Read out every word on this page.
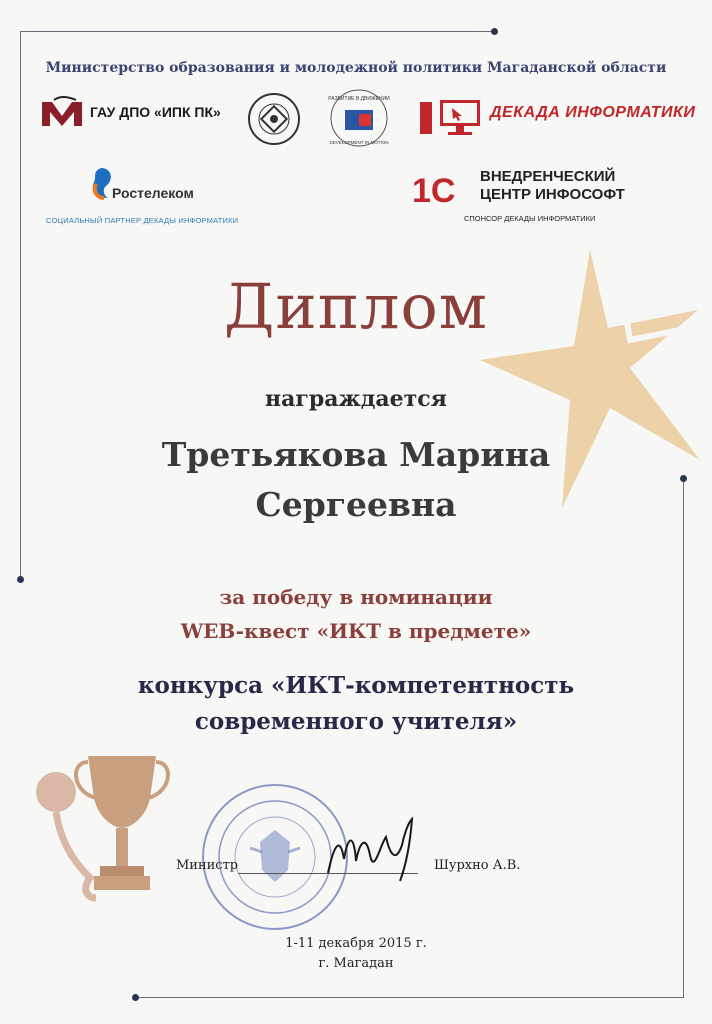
Министерство образования и молодежной политики Магаданской области
ГАУ ДПО «ИПК ПК»
РАЗВИТИЕ В ДВИЖЕНИИ
DEVELOPMENT IN MOTION
ДЕКАДА ИНФОРМАТИКИ
Ростелеком
СОЦИАЛЬНЫЙ ПАРТНЕР ДЕКАДЫ ИНФОРМАТИКИ
1С ВНЕДРЕНЧЕСКИЙ
ЦЕНТР ИНФОСОФТ
СПОНСОР ДЕКАДЫ ИНФОРМАТИКИ
Диплом
награждается
Третьякова Марина
Сергеевна
за победу в номинации
WEB-квест «ИКТ в предмете»
конкурса «ИКТ-компетентность
современного учителя»
Министр	Шурхно А.В.
1-11 декабря 2015 г.
г. Магадан
